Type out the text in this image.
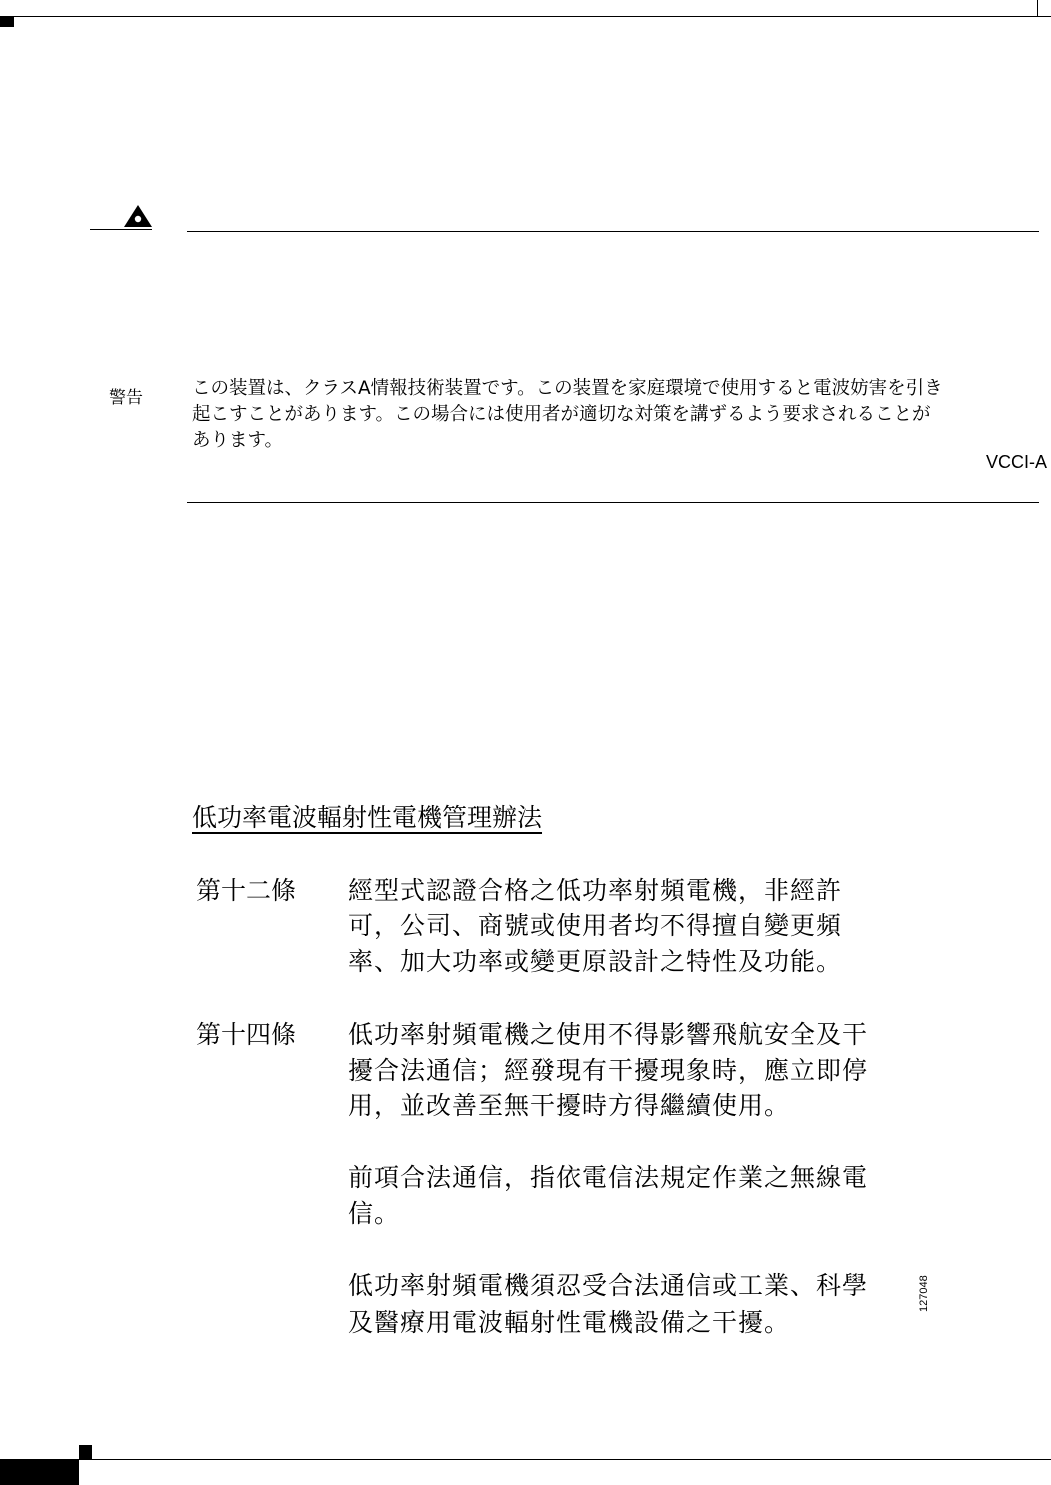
警告	この装置は、クラスA情報技術装置です。この装置を家庭環境で使用すると電波妨害を引き

起こすことがあります。この場合には使用者が適切な対策を講ずるよう要求されることが

あります。

VCCI-A
低功率電波輻射性電機管理辦法
第十二條 經型式認證合格之低功率射頻電機，非經許
可，公司、商號或使用者均不得擅自變更頻
率、加大功率或變更原設計之特性及功能。
第十四條 低功率射頻電機之使用不得影響飛航安全及干
擾合法通信；經發現有干擾現象時，應立即停
用，並改善至無干擾時方得繼續使用。
前項合法通信，指依電信法規定作業之無線電
信。
低功率射頻電機須忍受合法通信或工業、科學
及醫療用電波輻射性電機設備之干擾。
127048
